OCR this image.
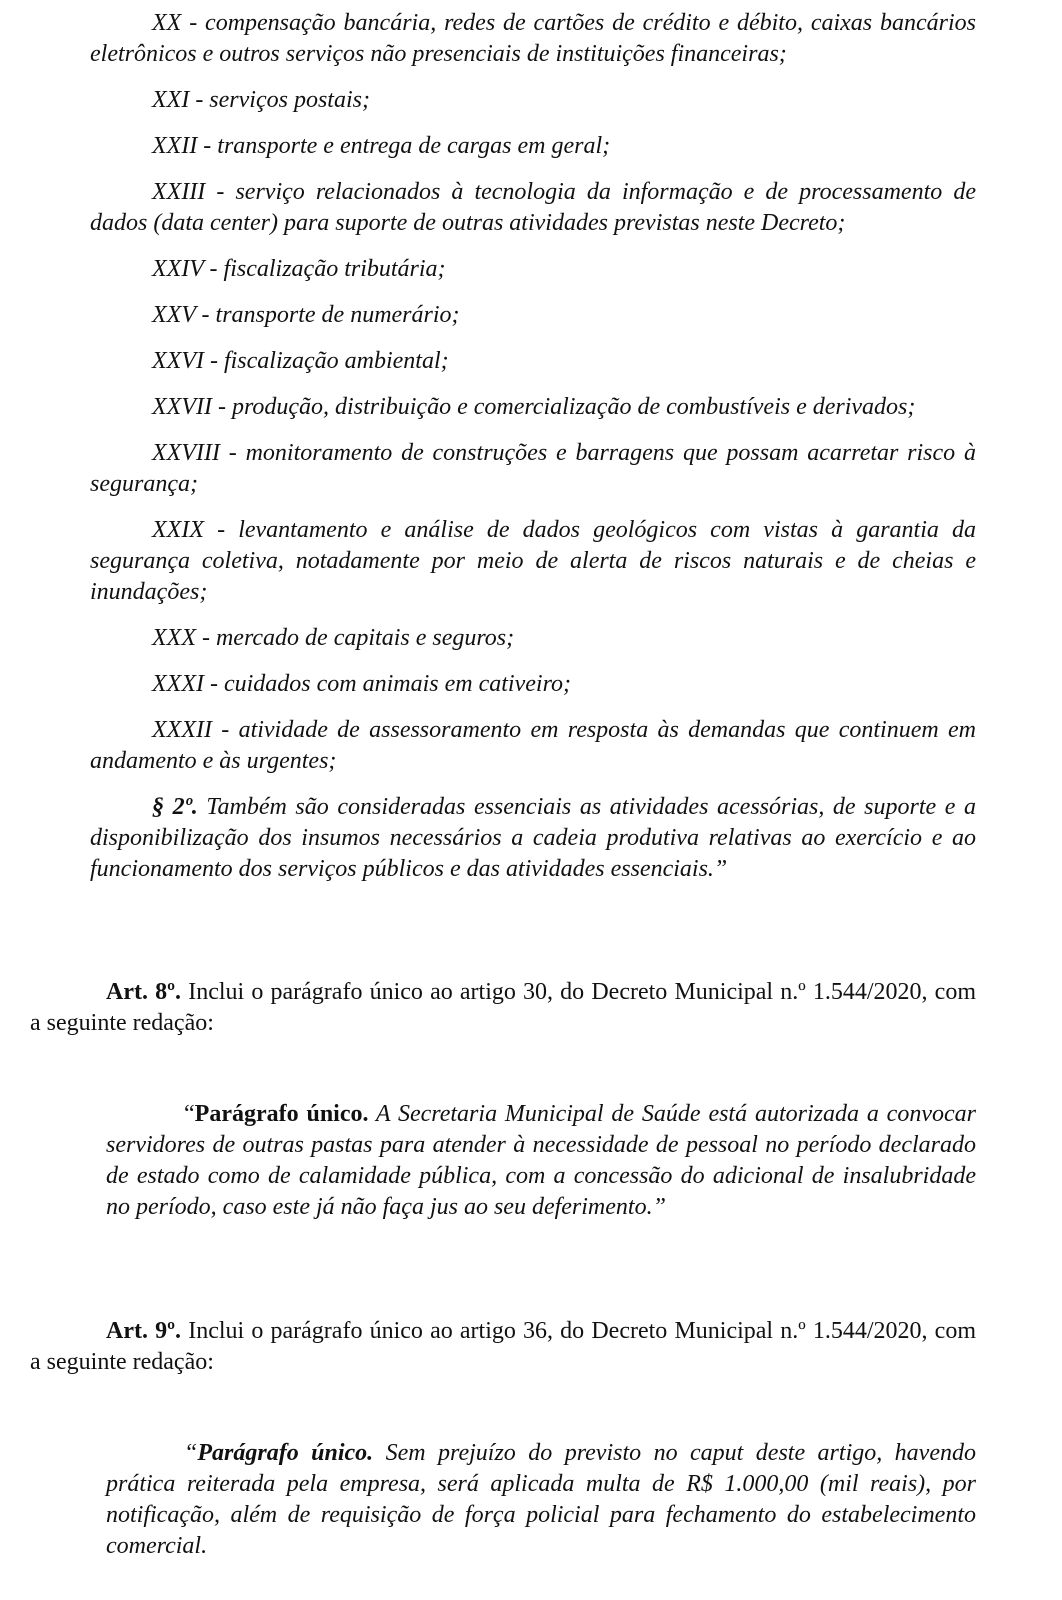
XX - compensação bancária, redes de cartões de crédito e débito, caixas bancários eletrônicos e outros serviços não presenciais de instituições financeiras;

XXI - serviços postais;

XXII - transporte e entrega de cargas em geral;

XXIII - serviço relacionados à tecnologia da informação e de processamento de dados (data center) para suporte de outras atividades previstas neste Decreto;

XXIV - fiscalização tributária;

XXV - transporte de numerário;

XXVI - fiscalização ambiental;

XXVII - produção, distribuição e comercialização de combustíveis e derivados;

XXVIII - monitoramento de construções e barragens que possam acarretar risco à segurança;

XXIX - levantamento e análise de dados geológicos com vistas à garantia da segurança coletiva, notadamente por meio de alerta de riscos naturais e de cheias e inundações;

XXX - mercado de capitais e seguros;

XXXI - cuidados com animais em cativeiro;

XXXII - atividade de assessoramento em resposta às demandas que continuem em andamento e às urgentes;

§ 2º. Também são consideradas essenciais as atividades acessórias, de suporte e a disponibilização dos insumos necessários a cadeia produtiva relativas ao exercício e ao funcionamento dos serviços públicos e das atividades essenciais.”

Art. 8º. Inclui o parágrafo único ao artigo 30, do Decreto Municipal n.º 1.544/2020, com a seguinte redação:

“Parágrafo único. A Secretaria Municipal de Saúde está autorizada a convocar servidores de outras pastas para atender à necessidade de pessoal no período declarado de estado como de calamidade pública, com a concessão do adicional de insalubridade no período, caso este já não faça jus ao seu deferimento.”

Art. 9º. Inclui o parágrafo único ao artigo 36, do Decreto Municipal n.º 1.544/2020, com a seguinte redação:

“Parágrafo único. Sem prejuízo do previsto no caput deste artigo, havendo prática reiterada pela empresa, será aplicada multa de R$ 1.000,00 (mil reais), por notificação, além de requisição de força policial para fechamento do estabelecimento comercial.
